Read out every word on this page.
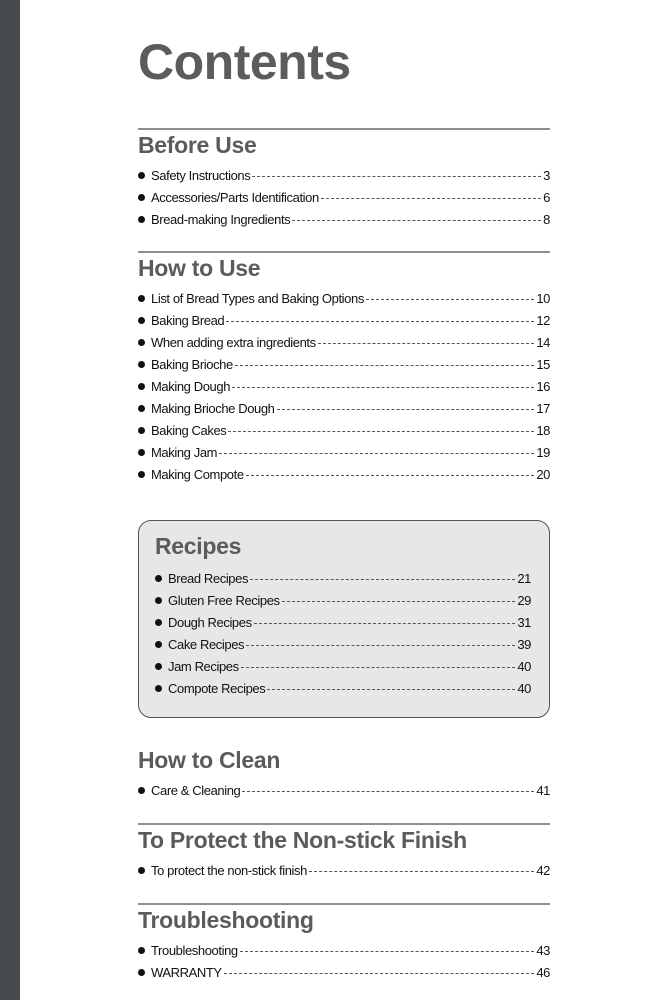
Contents
Before Use
Safety Instructions	3
Accessories/Parts Identification	6
Bread-making Ingredients	8
How to Use
List of Bread Types and Baking Options	10
Baking Bread	12
When adding extra ingredients	14
Baking Brioche	15
Making Dough	16
Making Brioche Dough	17
Baking Cakes	18
Making Jam	19
Making Compote	20
Recipes
Bread Recipes	21
Gluten Free Recipes	29
Dough Recipes	31
Cake Recipes	39
Jam Recipes	40
Compote Recipes	40
How to Clean
Care & Cleaning	41
To Protect the Non-stick Finish
To protect the non-stick finish	42
Troubleshooting
Troubleshooting	43
WARRANTY	46
